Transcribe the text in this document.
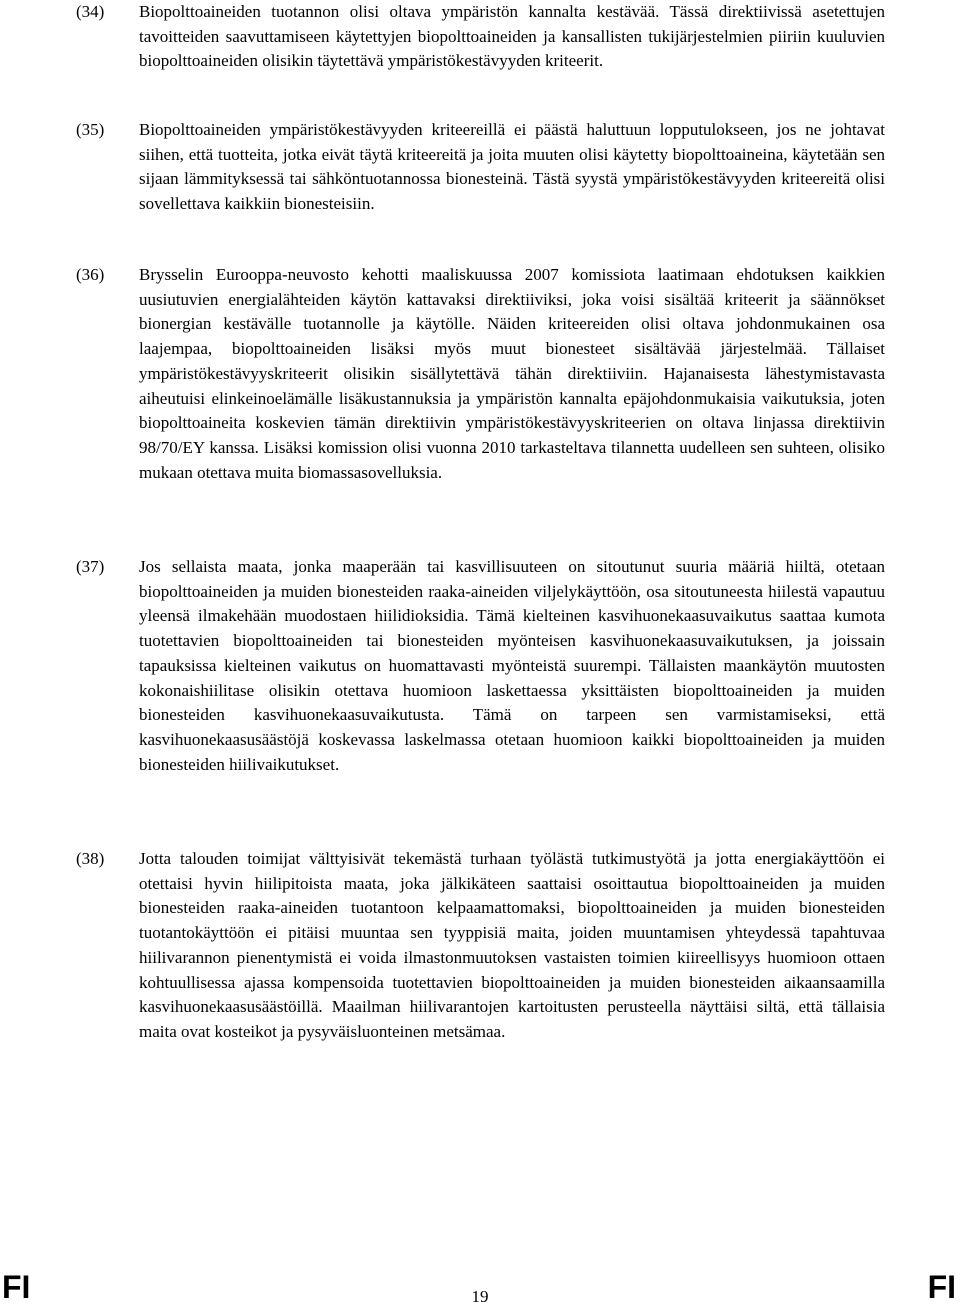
(34) Biopolttoaineiden tuotannon olisi oltava ympäristön kannalta kestävää. Tässä direktiivissä asetettujen tavoitteiden saavuttamiseen käytettyjen biopolttoaineiden ja kansallisten tukijärjestelmien piiriin kuuluvien biopolttoaineiden olisikin täytettävä ympäristökestävyyden kriteerit.
(35) Biopolttoaineiden ympäristökestävyyden kriteereillä ei päästä haluttuun lopputulokseen, jos ne johtavat siihen, että tuotteita, jotka eivät täytä kriteereitä ja joita muuten olisi käytetty biopolttoaineina, käytetään sen sijaan lämmityksessä tai sähköntuotannossa bionesteinä. Tästä syystä ympäristökestävyyden kriteereitä olisi sovellettava kaikkiin bionesteisiin.
(36) Brysselin Eurooppa-neuvosto kehotti maaliskuussa 2007 komissiota laatimaan ehdotuksen kaikkien uusiutuvien energialähteiden käytön kattavaksi direktiiviksi, joka voisi sisältää kriteerit ja säännökset bionergian kestävälle tuotannolle ja käytölle. Näiden kriteereiden olisi oltava johdonmukainen osa laajempaa, biopolttoaineiden lisäksi myös muut bionesteet sisältävää järjestelmää. Tällaiset ympäristökestävyyskriteerit olisikin sisällytettävä tähän direktiiviin. Hajanaisesta lähestymistavasta aiheutuisi elinkeinoelämälle lisäkustannuksia ja ympäristön kannalta epäjohdonmukaisia vaikutuksia, joten biopolttoaineita koskevien tämän direktiivin ympäristökestävyyskriteerien on oltava linjassa direktiivin 98/70/EY kanssa. Lisäksi komission olisi vuonna 2010 tarkasteltava tilannetta uudelleen sen suhteen, olisiko mukaan otettava muita biomassasovelluksia.
(37) Jos sellaista maata, jonka maaperään tai kasvillisuuteen on sitoutunut suuria määriä hiiltä, otetaan biopolttoaineiden ja muiden bionesteiden raaka-aineiden viljelykäyttöön, osa sitoutuneesta hiilestä vapautuu yleensä ilmakehään muodostaen hiilidioksidia. Tämä kielteinen kasvihuonekaasuvaikutus saattaa kumota tuotettavien biopolttoaineiden tai bionesteiden myönteisen kasvihuonekaasuvaikutuksen, ja joissain tapauksissa kielteinen vaikutus on huomattavasti myönteistä suurempi. Tällaisten maankäytön muutosten kokonaishiilitase olisikin otettava huomioon laskettaessa yksittäisten biopolttoaineiden ja muiden bionesteiden kasvihuonekaasuvaikutusta. Tämä on tarpeen sen varmistamiseksi, että kasvihuonekaasusäästöjä koskevassa laskelmassa otetaan huomioon kaikki biopolttoaineiden ja muiden bionesteiden hiilivaikutukset.
(38) Jotta talouden toimijat välttyisivät tekemästä turhaan työlästä tutkimustyötä ja jotta energiakäyttöön ei otettaisi hyvin hiilipitoista maata, joka jälkikäteen saattaisi osoittautua biopolttoaineiden ja muiden bionesteiden raaka-aineiden tuotantoon kelpaamattomaksi, biopolttoaineiden ja muiden bionesteiden tuotantokäyttöön ei pitäisi muuntaa sen tyyppisiä maita, joiden muuntamisen yhteydessä tapahtuvaa hiilivarannon pienentymistä ei voida ilmastonmuutoksen vastaisten toimien kiireellisyys huomioon ottaen kohtuullisessa ajassa kompensoida tuotettavien biopolttoaineiden ja muiden bionesteiden aikaansaamilla kasvihuonekaasusäästöillä. Maailman hiilivarantojen kartoitusten perusteella näyttäisi siltä, että tällaisia maita ovat kosteikot ja pysyväisluonteinen metsämaa.
FI	19	FI
